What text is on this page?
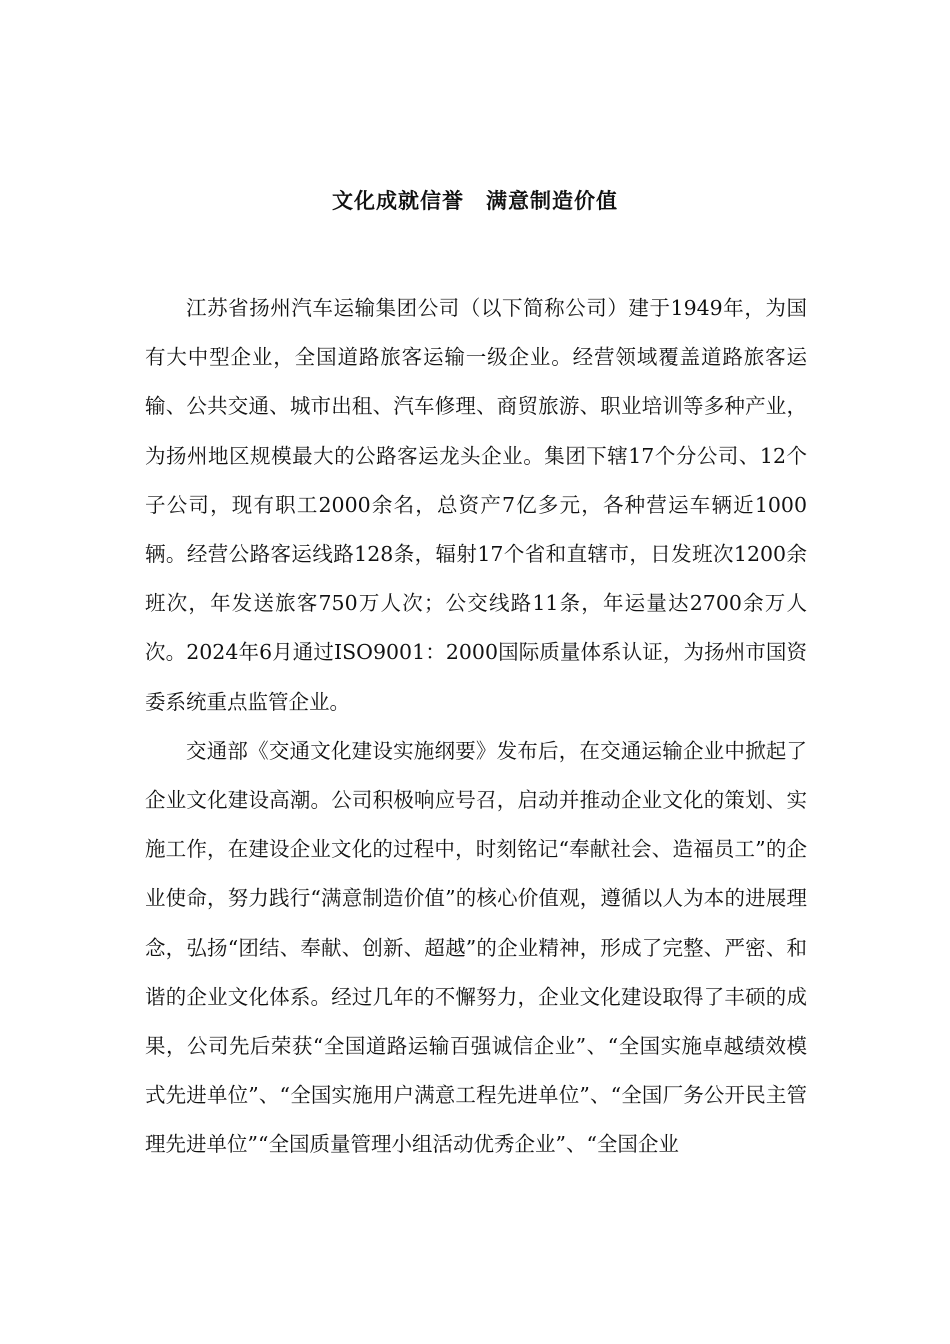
文化成就信誉　满意制造价值

江苏省扬州汽车运输集团公司（以下简称公司）建于1949年，为国有大中型企业，全国道路旅客运输一级企业。经营领域覆盖道路旅客运输、公共交通、城市出租、汽车修理、商贸旅游、职业培训等多种产业，为扬州地区规模最大的公路客运龙头企业。集团下辖17个分公司、12个子公司，现有职工2000余名，总资产7亿多元，各种营运车辆近1000辆。经营公路客运线路128条，辐射17个省和直辖市，日发班次1200余班次，年发送旅客750万人次；公交线路11条，年运量达2700余万人次。2024年6月通过ISO9001：2000国际质量体系认证，为扬州市国资委系统重点监管企业。

交通部《交通文化建设实施纲要》发布后，在交通运输企业中掀起了企业文化建设高潮。公司积极响应号召，启动并推动企业文化的策划、实施工作，在建设企业文化的过程中，时刻铭记“奉献社会、造福员工”的企业使命，努力践行“满意制造价值”的核心价值观，遵循以人为本的进展理念，弘扬“团结、奉献、创新、超越”的企业精神，形成了完整、严密、和谐的企业文化体系。经过几年的不懈努力，企业文化建设取得了丰硕的成果，公司先后荣获“全国道路运输百强诚信企业”、“全国实施卓越绩效模式先进单位”、“全国实施用户满意工程先进单位”、“全国厂务公开民主管理先进单位”“全国质量管理小组活动优秀企业”、“全国企业
